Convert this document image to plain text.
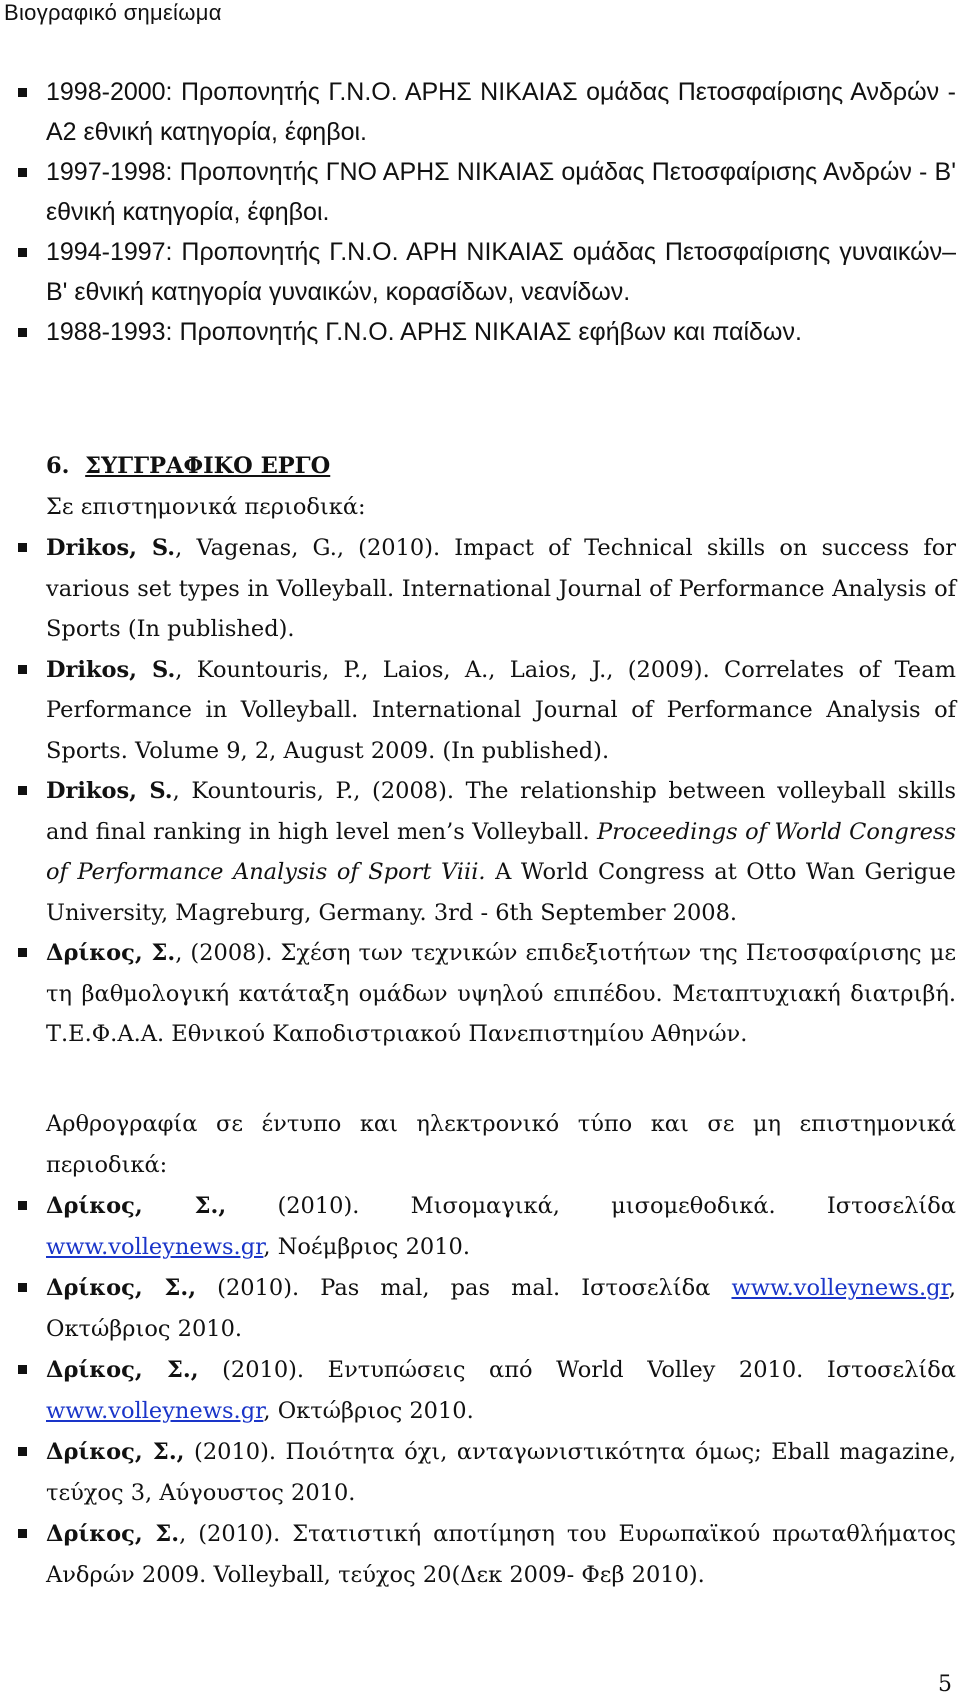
Βιογραφικό σημείωμα
1998-2000: Προπονητής Γ.Ν.Ο. ΑΡΗΣ ΝΙΚΑΙΑΣ ομάδας Πετοσφαίρισης Ανδρών - Α2 εθνική κατηγορία, έφηβοι.
1997-1998: Προπονητής ΓΝΟ ΑΡΗΣ ΝΙΚΑΙΑΣ ομάδας Πετοσφαίρισης Ανδρών - Β' εθνική κατηγορία, έφηβοι.
1994-1997: Προπονητής Γ.Ν.Ο. ΑΡΗ ΝΙΚΑΙΑΣ ομάδας Πετοσφαίρισης γυναικών– Β' εθνική κατηγορία γυναικών, κορασίδων, νεανίδων.
1988-1993: Προπονητής Γ.Ν.Ο. ΑΡΗΣ ΝΙΚΑΙΑΣ εφήβων και παίδων.
6. ΣΥΓΓΡΑΦΙΚΟ ΕΡΓΟ
Σε επιστημονικά περιοδικά:
Drikos, S., Vagenas, G., (2010). Impact of Technical skills on success for various set types in Volleyball. International Journal of Performance Analysis of Sports (In published).
Drikos, S., Kountouris, P., Laios, A., Laios, J., (2009). Correlates of Team Performance in Volleyball. International Journal of Performance Analysis of Sports. Volume 9, 2, August 2009. (In published).
Drikos, S., Kountouris, P., (2008). The relationship between volleyball skills and final ranking in high level men’s Volleyball. Proceedings of World Congress of Performance Analysis of Sport Viii. A World Congress at Otto Wan Gerigue University, Magreburg, Germany. 3rd - 6th September 2008.
Δρίκος, Σ., (2008). Σχέση των τεχνικών επιδεξιοτήτων της Πετοσφαίρισης με τη βαθμολογική κατάταξη ομάδων υψηλού επιπέδου. Μεταπτυχιακή διατριβή. Τ.Ε.Φ.Α.Α. Εθνικού Καποδιστριακού Πανεπιστημίου Αθηνών.
Αρθρογραφία σε έντυπο και ηλεκτρονικό τύπο και σε μη επιστημονικά περιοδικά:
Δρίκος, Σ., (2010). Μισομαγικά, μισομεθοδικά. Ιστοσελίδα www.volleynews.gr, Νοέμβριος 2010.
Δρίκος, Σ., (2010). Pas mal, pas mal. Ιστοσελίδα www.volleynews.gr, Οκτώβριος 2010.
Δρίκος, Σ., (2010). Εντυπώσεις από World Volley 2010. Ιστοσελίδα www.volleynews.gr, Οκτώβριος 2010.
Δρίκος, Σ., (2010). Ποιότητα όχι, ανταγωνιστικότητα όμως; Eball magazine, τεύχος 3, Αύγουστος 2010.
Δρίκος, Σ., (2010). Στατιστική αποτίμηση του Ευρωπαϊκού πρωταθλήματος Ανδρών 2009. Volleyball, τεύχος 20(Δεκ 2009- Φεβ 2010).
5
